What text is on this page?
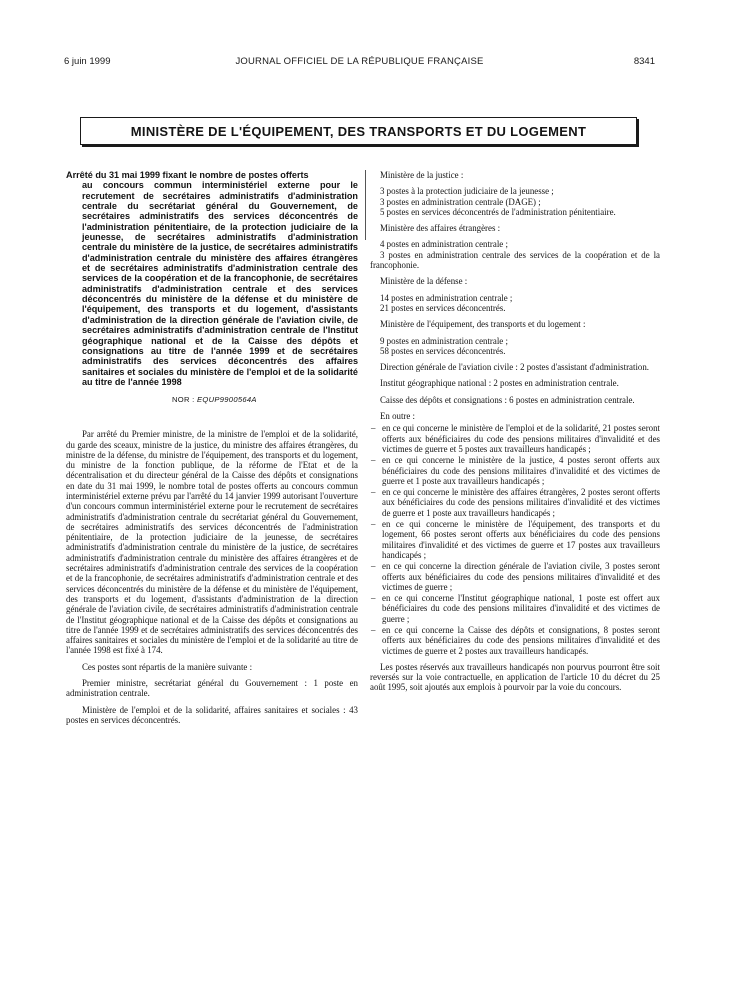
6 juin 1999	JOURNAL OFFICIEL DE LA RÉPUBLIQUE FRANÇAISE	8341
MINISTÈRE DE L'ÉQUIPEMENT, DES TRANSPORTS ET DU LOGEMENT
Arrêté du 31 mai 1999 fixant le nombre de postes offerts
au concours commun interministériel externe pour le recrutement de secrétaires administratifs d'administration centrale du secrétariat général du Gouvernement, de secrétaires administratifs des services déconcentrés de l'administration pénitentiaire, de la protection judiciaire de la jeunesse, de secrétaires administratifs d'administration centrale du ministère de la justice, de secrétaires administratifs d'administration centrale du ministère des affaires étrangères et de secrétaires administratifs d'administration centrale des services de la coopération et de la francophonie, de secrétaires administratifs d'administration centrale et des services déconcentrés du ministère de la défense et du ministère de l'équipement, des transports et du logement, d'assistants d'administration de la direction générale de l'aviation civile, de secrétaires administratifs d'administration centrale de l'Institut géographique national et de la Caisse des dépôts et consignations au titre de l'année 1999 et de secrétaires administratifs des services déconcentrés des affaires sanitaires et sociales du ministère de l'emploi et de la solidarité au titre de l'année 1998
NOR : EQUP9900564A

Par arrêté du Premier ministre, de la ministre de l'emploi et de la solidarité, du garde des sceaux, ministre de la justice, du ministre des affaires étrangères, du ministre de la défense, du ministre de l'équipement, des transports et du logement, du ministre de la fonction publique, de la réforme de l'Etat et de la décentralisation et du directeur général de la Caisse des dépôts et consignations en date du 31 mai 1999, le nombre total de postes offerts au concours commun interministériel externe prévu par l'arrêté du 14 janvier 1999 autorisant l'ouverture d'un concours commun interministériel externe pour le recrutement de secrétaires administratifs d'administration centrale du secrétariat général du Gouvernement, de secrétaires administratifs des services déconcentrés de l'administration pénitentiaire, de la protection judiciaire de la jeunesse, de secrétaires administratifs d'administration centrale du ministère de la justice, de secrétaires administratifs d'administration centrale du ministère des affaires étrangères et de secrétaires administratifs d'administration centrale des services de la coopération et de la francophonie, de secrétaires administratifs d'administration centrale et des services déconcentrés du ministère de la défense et du ministère de l'équipement, des transports et du logement, d'assistants d'administration de la direction générale de l'aviation civile, de secrétaires administratifs d'administration centrale de l'Institut géographique national et de la Caisse des dépôts et consignations au titre de l'année 1999 et de secrétaires administratifs des services déconcentrés des affaires sanitaires et sociales du ministère de l'emploi et de la solidarité au titre de l'année 1998 est fixé à 174.

Ces postes sont répartis de la manière suivante :

Premier ministre, secrétariat général du Gouvernement : 1 poste en administration centrale.

Ministère de l'emploi et de la solidarité, affaires sanitaires et sociales : 43 postes en services déconcentrés.

Ministère de la justice :

3 postes à la protection judiciaire de la jeunesse ;

3 postes en administration centrale (DAGE) ;

5 postes en services déconcentrés de l'administration pénitentiaire.

Ministère des affaires étrangères :

4 postes en administration centrale ;

3 postes en administration centrale des services de la coopération et de la francophonie.

Ministère de la défense :

14 postes en administration centrale ;

21 postes en services déconcentrés.

Ministère de l'équipement, des transports et du logement :

9 postes en administration centrale ;

58 postes en services déconcentrés.

Direction générale de l'aviation civile : 2 postes d'assistant d'administration.

Institut géographique national : 2 postes en administration centrale.

Caisse des dépôts et consignations : 6 postes en administration centrale.

En outre :

– en ce qui concerne le ministère de l'emploi et de la solidarité, 21 postes seront offerts aux bénéficiaires du code des pensions militaires d'invalidité et des victimes de guerre et 5 postes aux travailleurs handicapés ;
– en ce qui concerne le ministère de la justice, 4 postes seront offerts aux bénéficiaires du code des pensions militaires d'invalidité et des victimes de guerre et 1 poste aux travailleurs handicapés ;
– en ce qui concerne le ministère des affaires étrangères, 2 postes seront offerts aux bénéficiaires du code des pensions militaires d'invalidité et des victimes de guerre et 1 poste aux travailleurs handicapés ;
– en ce qui concerne le ministère de l'équipement, des transports et du logement, 66 postes seront offerts aux bénéficiaires du code des pensions militaires d'invalidité et des victimes de guerre et 17 postes aux travailleurs handicapés ;
– en ce qui concerne la direction générale de l'aviation civile, 3 postes seront offerts aux bénéficiaires du code des pensions militaires d'invalidité et des victimes de guerre ;
– en ce qui concerne l'Institut géographique national, 1 poste est offert aux bénéficiaires du code des pensions militaires d'invalidité et des victimes de guerre ;
– en ce qui concerne la Caisse des dépôts et consignations, 8 postes seront offerts aux bénéficiaires du code des pensions militaires d'invalidité et des victimes de guerre et 2 postes aux travailleurs handicapés.

Les postes réservés aux travailleurs handicapés non pourvus pourront être soit reversés sur la voie contractuelle, en application de l'article 10 du décret du 25 août 1995, soit ajoutés aux emplois à pourvoir par la voie du concours.
